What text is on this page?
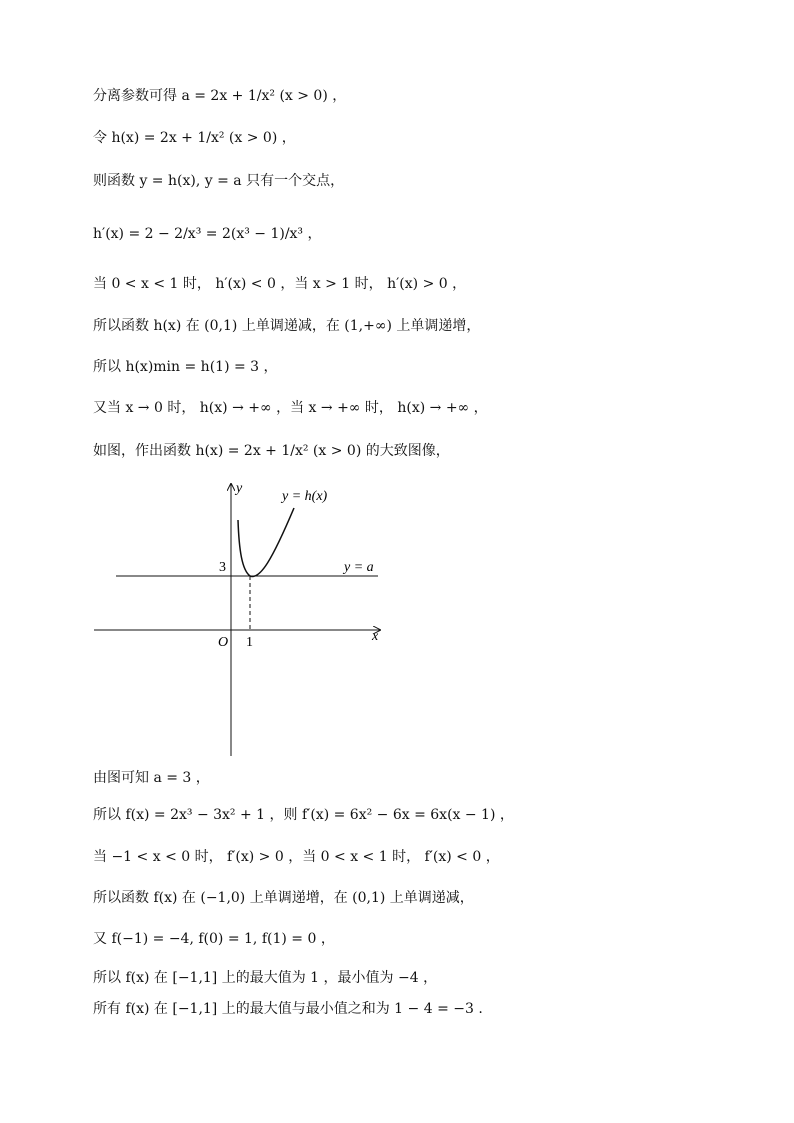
分离参数可得 a = 2x + 1/x² (x > 0) ，
令 h(x) = 2x + 1/x² (x > 0) ，
则函数 y = h(x), y = a 只有一个交点，
h′(x) = 2 − 2/x³ = 2(x³ − 1)/x³ ，
当 0 < x < 1 时， h′(x) < 0 ，当 x > 1 时， h′(x) > 0 ，
所以函数 h(x) 在 (0,1) 上单调递减，在 (1,+∞) 上单调递增，
所以 h(x)min = h(1) = 3 ，
又当 x → 0 时， h(x) → +∞ ，当 x → +∞ 时， h(x) → +∞ ，
如图，作出函数 h(x) = 2x + 1/x² (x > 0) 的大致图像，
y
x
O 1
3
y = h(x)
y = a
由图可知 a = 3 ，
所以 f(x) = 2x³ − 3x² + 1 ，则 f′(x) = 6x² − 6x = 6x(x − 1) ，
当 −1 < x < 0 时， f′(x) > 0 ，当 0 < x < 1 时， f′(x) < 0 ，
所以函数 f(x) 在 (−1,0) 上单调递增，在 (0,1) 上单调递减，
又 f(−1) = −4, f(0) = 1, f(1) = 0 ，
所以 f(x) 在 [−1,1] 上的最大值为 1 ，最小值为 −4 ，
所有 f(x) 在 [−1,1] 上的最大值与最小值之和为 1 − 4 = −3 .
